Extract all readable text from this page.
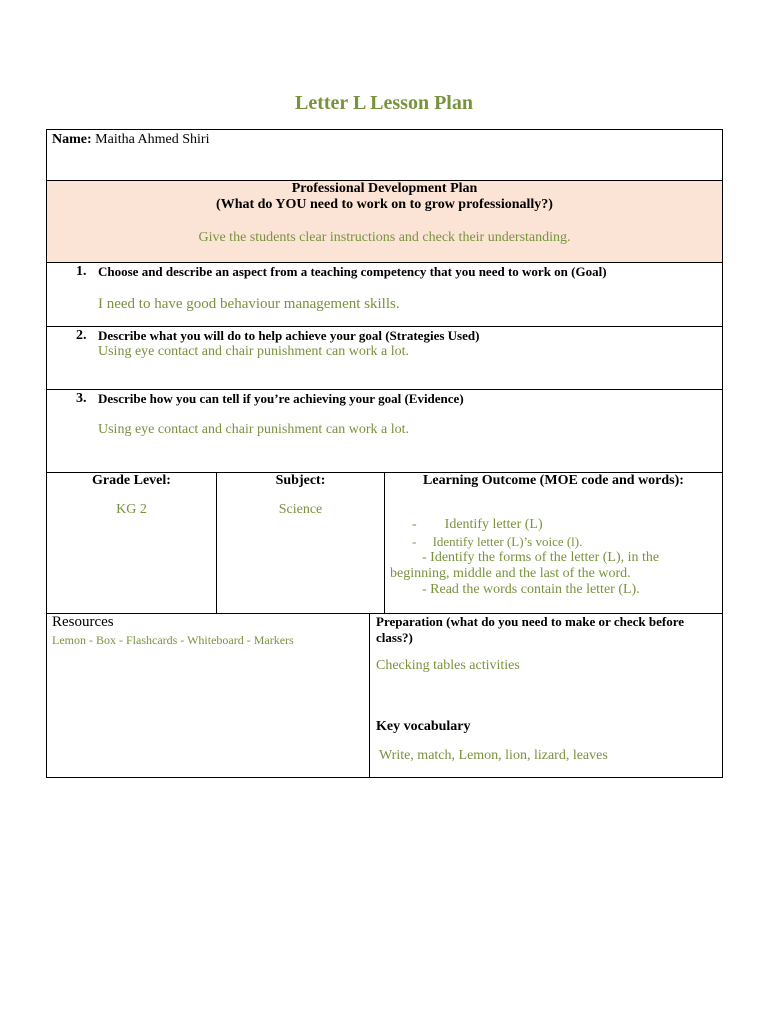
Letter L Lesson Plan
Name: Maitha Ahmed Shiri
Professional Development Plan
(What do YOU need to work on to grow professionally?)
Give the students clear instructions and check their understanding.
1. Choose and describe an aspect from a teaching competency that you need to work on (Goal)
I need to have good behaviour management skills.
2. Describe what you will do to help achieve your goal (Strategies Used)
Using eye contact and chair punishment can work a lot.
3. Describe how you can tell if you’re achieving your goal (Evidence)
Using eye contact and chair punishment can work a lot.
Grade Level:
KG 2
Subject:
Science
Learning Outcome (MOE code and words):
-        Identify letter (L)
-     Identify letter (L)’s voice (l).
- Identify the forms of the letter (L), in the
beginning, middle and the last of the word.
- Read the words contain the letter (L).
Resources
Lemon - Box - Flashcards - Whiteboard - Markers
Preparation (what do you need to make or check before
class?)
Checking tables activities
Key vocabulary
Write, match, Lemon, lion, lizard, leaves
